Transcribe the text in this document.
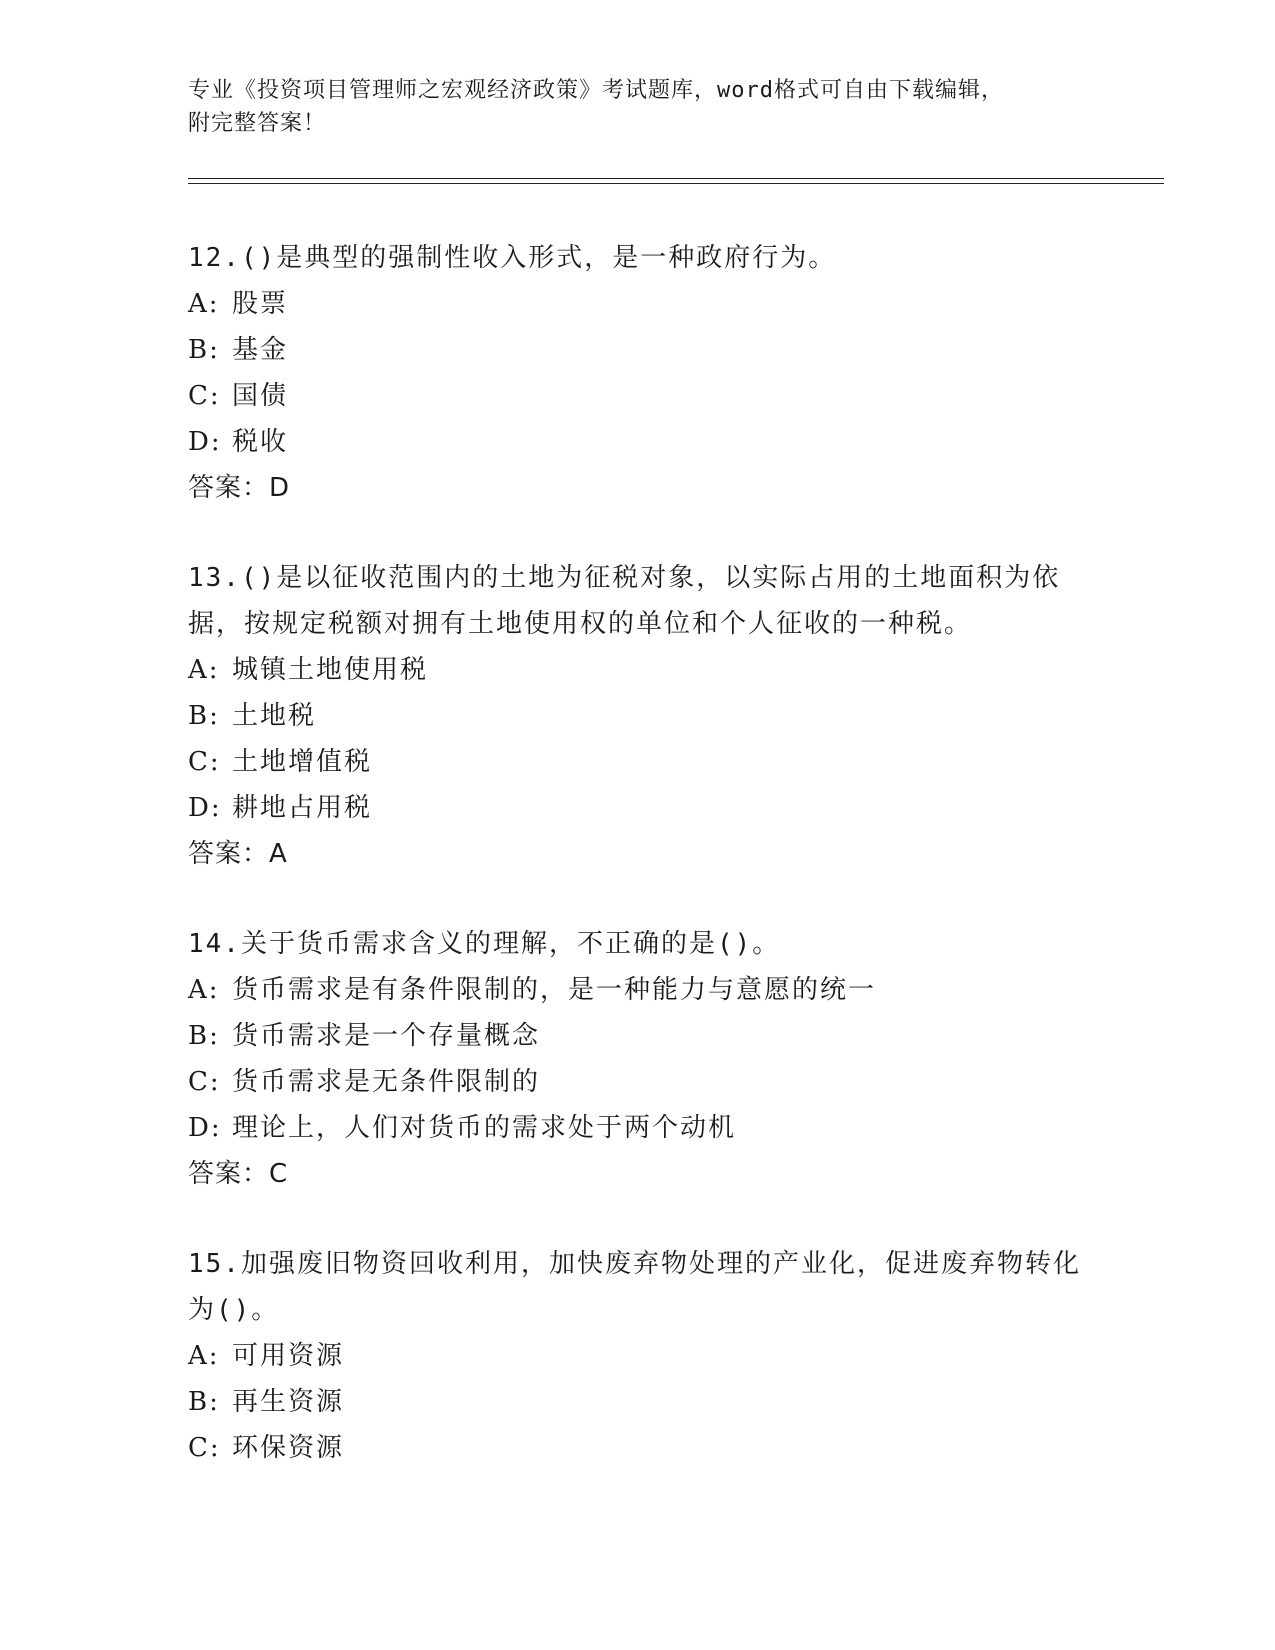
专业《投资项目管理师之宏观经济政策》考试题库，word格式可自由下载编辑，
附完整答案！

12.()是典型的强制性收入形式，是一种政府行为。

A: 股票
B: 基金
C: 国债
D: 税收
答案：D

13.()是以征收范围内的土地为征税对象，以实际占用的土地面积为依据，按规定税额对拥有土地使用权的单位和个人征收的一种税。

A: 城镇土地使用税
B: 土地税
C: 土地增值税
D: 耕地占用税
答案：A

14.关于货币需求含义的理解，不正确的是()。

A: 货币需求是有条件限制的，是一种能力与意愿的统一
B: 货币需求是一个存量概念
C: 货币需求是无条件限制的
D: 理论上，人们对货币的需求处于两个动机
答案：C

15.加强废旧物资回收利用，加快废弃物处理的产业化，促进废弃物转化为()。

A: 可用资源
B: 再生资源
C: 环保资源
